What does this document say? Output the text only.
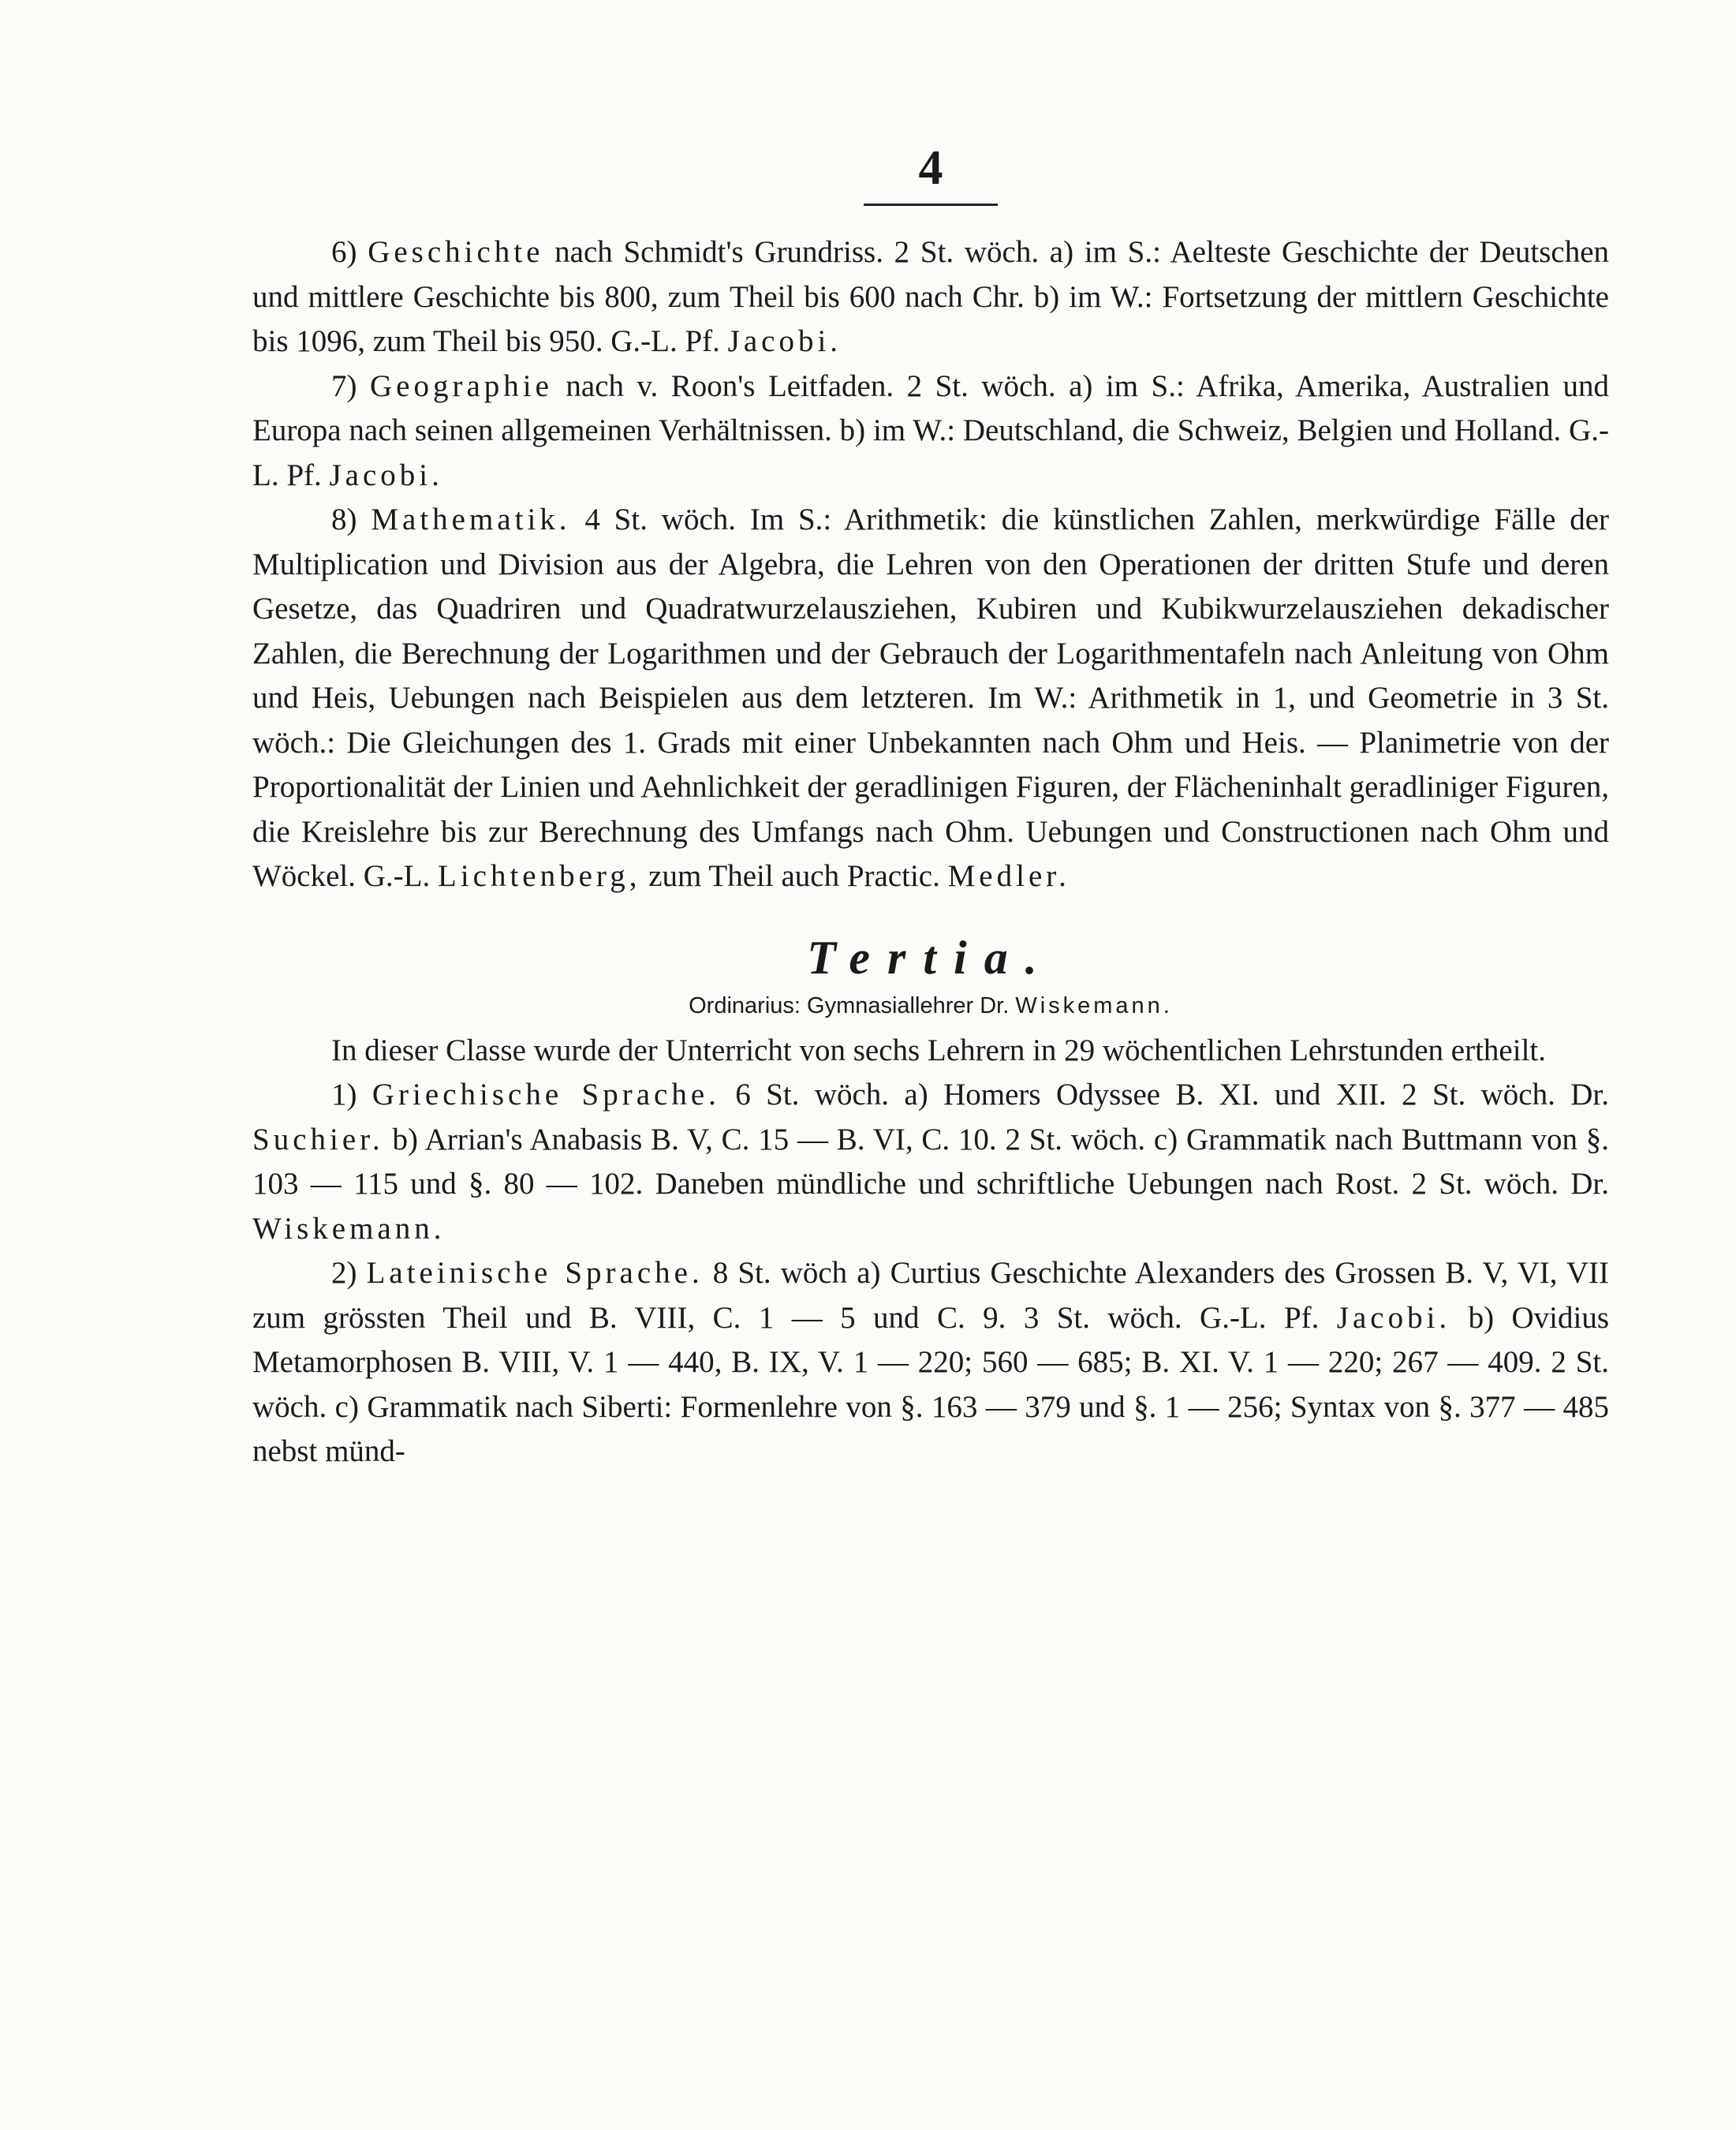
4

6) Geschichte nach Schmidt's Grundriss. 2 St. wöch. a) im S.: Aelteste Geschichte der Deutschen und mittlere Geschichte bis 800, zum Theil bis 600 nach Chr. b) im W.: Fortsetzung der mittlern Geschichte bis 1096, zum Theil bis 950. G.-L. Pf. Jacobi.

7) Geographie nach v. Roon's Leitfaden. 2 St. wöch. a) im S.: Afrika, Amerika, Australien und Europa nach seinen allgemeinen Verhältnissen. b) im W.: Deutschland, die Schweiz, Belgien und Holland. G.-L. Pf. Jacobi.

8) Mathematik. 4 St. wöch. Im S.: Arithmetik: die künstlichen Zahlen, merkwürdige Fälle der Multiplication und Division aus der Algebra, die Lehren von den Operationen der dritten Stufe und deren Gesetze, das Quadriren und Quadratwurzelausziehen, Kubiren und Kubikwurzelausziehen dekadischer Zahlen, die Berechnung der Logarithmen und der Gebrauch der Logarithmentafeln nach Anleitung von Ohm und Heis, Uebungen nach Beispielen aus dem letzteren. Im W.: Arithmetik in 1, und Geometrie in 3 St. wöch.: Die Gleichungen des 1. Grads mit einer Unbekannten nach Ohm und Heis. — Planimetrie von der Proportionalität der Linien und Aehnlichkeit der geradlinigen Figuren, der Flächeninhalt geradliniger Figuren, die Kreislehre bis zur Berechnung des Umfangs nach Ohm. Uebungen und Constructionen nach Ohm und Wöckel. G.-L. Lichtenberg, zum Theil auch Practic. Medler.

Tertia.
Ordinarius: Gymnasiallehrer Dr. Wiskemann.

In dieser Classe wurde der Unterricht von sechs Lehrern in 29 wöchentlichen Lehrstunden ertheilt.

1) Griechische Sprache. 6 St. wöch. a) Homers Odyssee B. XI. und XII. 2 St. wöch. Dr. Suchier. b) Arrian's Anabasis B. V, C. 15 — B. VI, C. 10. 2 St. wöch. c) Grammatik nach Buttmann von §. 103 — 115 und §. 80 — 102. Daneben mündliche und schriftliche Uebungen nach Rost. 2 St. wöch. Dr. Wiskemann.

2) Lateinische Sprache. 8 St. wöch a) Curtius Geschichte Alexanders des Grossen B. V, VI, VII zum grössten Theil und B. VIII, C. 1 — 5 und C. 9. 3 St. wöch. G.-L. Pf. Jacobi. b) Ovidius Metamorphosen B. VIII, V. 1 — 440, B. IX, V. 1 — 220; 560 — 685; B. XI. V. 1 — 220; 267 — 409. 2 St. wöch. c) Grammatik nach Siberti: Formenlehre von §. 163 — 379 und §. 1 — 256; Syntax von §. 377 — 485 nebst münd-
